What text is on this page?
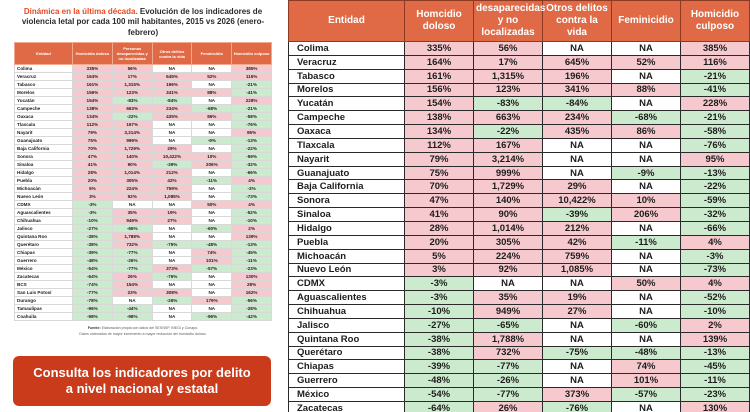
Dinámica en la última década. Evolución de los indicadores de violencia letal por cada 100 mil habitantes, 2015 vs 2026 (enero-febrero)
Entidad	Homicidio doloso	Personas desaparecidas y no localizadas	Otros delitos contra la vida	Feminicidio	Homicidio culposo
Colima	335%	56%	NA	NA	385%
Veracruz	164%	17%	645%	52%	116%
Tabasco	161%	1,315%	196%	NA	-21%
Morelos	156%	123%	341%	88%	-41%
Yucatán	154%	-83%	-84%	NA	228%
Campeche	138%	663%	234%	-68%	-21%
Oaxaca	134%	-22%	435%	86%	-58%
Tlaxcala	112%	167%	NA	NA	-76%
Nayarit	79%	3,214%	NA	NA	95%
Guanajuato	75%	999%	NA	-9%	-13%
Baja California	70%	1,729%	29%	NA	-22%
Sonora	47%	140%	10,422%	10%	-59%
Sinaloa	41%	90%	-39%	206%	-32%
Hidalgo	28%	1,014%	212%	NA	-66%
Puebla	20%	305%	42%	-11%	4%
Michoacán	5%	224%	759%	NA	-3%
Nuevo León	3%	92%	1,085%	NA	-73%
CDMX	-3%	NA	NA	50%	4%
Aguascalientes	-3%	35%	19%	NA	-52%
Chihuahua	-10%	949%	27%	NA	-10%
Jalisco	-27%	-65%	NA	-60%	2%
Quintana Roo	-38%	1,788%	NA	NA	139%
Querétaro	-38%	732%	-75%	-48%	-13%
Chiapas	-39%	-77%	NA	74%	-45%
Guerrero	-48%	-26%	NA	101%	-11%
México	-54%	-77%	373%	-57%	-23%
Zacatecas	-64%	26%	-76%	NA	130%
BCS	-74%	154%	NA	NA	28%
San Luis Potosí	-77%	23%	308%	NA	162%
Durango	-78%	NA	-26%	179%	-56%
Tamaulipas	-96%	-44%	NA	NA	-28%
Coahuila	-98%	-98%	NA	-96%	-42%
Fuente: Elaboración propia con datos del SESNSP, INEGI y Conapo.
Datos ordenados de mayor incremento a mayor reducción del homicidio doloso.
Consulta los indicadores por delito a nivel nacional y estatal
Entidad	Homcidio doloso	desaparecidas y no localizadas	Otros delitos contra la vida	Feminicidio	Homicidio culposo
Colima	335%	56%	NA	NA	385%
Veracruz	164%	17%	645%	52%	116%
Tabasco	161%	1,315%	196%	NA	-21%
Morelos	156%	123%	341%	88%	-41%
Yucatán	154%	-83%	-84%	NA	228%
Campeche	138%	663%	234%	-68%	-21%
Oaxaca	134%	-22%	435%	86%	-58%
Tlaxcala	112%	167%	NA	NA	-76%
Nayarit	79%	3,214%	NA	NA	95%
Guanajuato	75%	999%	NA	-9%	-13%
Baja California	70%	1,729%	29%	NA	-22%
Sonora	47%	140%	10,422%	10%	-59%
Sinaloa	41%	90%	-39%	206%	-32%
Hidalgo	28%	1,014%	212%	NA	-66%
Puebla	20%	305%	42%	-11%	4%
Michoacán	5%	224%	759%	NA	-3%
Nuevo León	3%	92%	1,085%	NA	-73%
CDMX	-3%	NA	NA	50%	4%
Aguascalientes	-3%	35%	19%	NA	-52%
Chihuahua	-10%	949%	27%	NA	-10%
Jalisco	-27%	-65%	NA	-60%	2%
Quintana Roo	-38%	1,788%	NA	NA	139%
Querétaro	-38%	732%	-75%	-48%	-13%
Chiapas	-39%	-77%	NA	74%	-45%
Guerrero	-48%	-26%	NA	101%	-11%
México	-54%	-77%	373%	-57%	-23%
Zacatecas	-64%	26%	-76%	NA	130%
